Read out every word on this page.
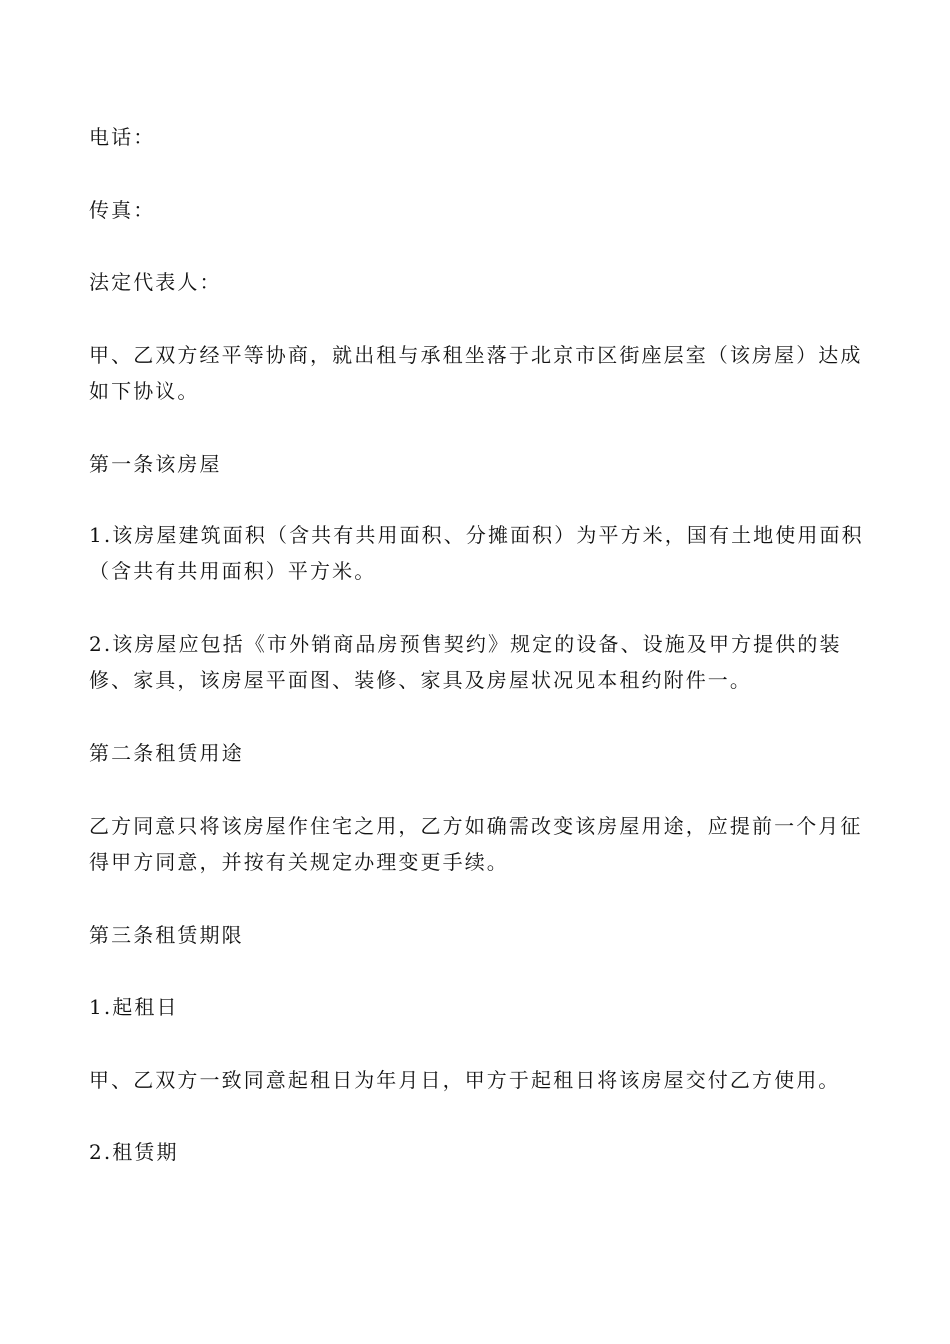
电话：

传真：

法定代表人：

甲、乙双方经平等协商，就出租与承租坐落于北京市区街座层室（该房屋）达成如下协议。

第一条该房屋

1.该房屋建筑面积（含共有共用面积、分摊面积）为平方米，国有土地使用面积（含共有共用面积）平方米。

2.该房屋应包括《市外销商品房预售契约》规定的设备、设施及甲方提供的装修、家具，该房屋平面图、装修、家具及房屋状况见本租约附件一。

第二条租赁用途

乙方同意只将该房屋作住宅之用，乙方如确需改变该房屋用途，应提前一个月征得甲方同意，并按有关规定办理变更手续。

第三条租赁期限

1.起租日

甲、乙双方一致同意起租日为年月日，甲方于起租日将该房屋交付乙方使用。

2.租赁期
